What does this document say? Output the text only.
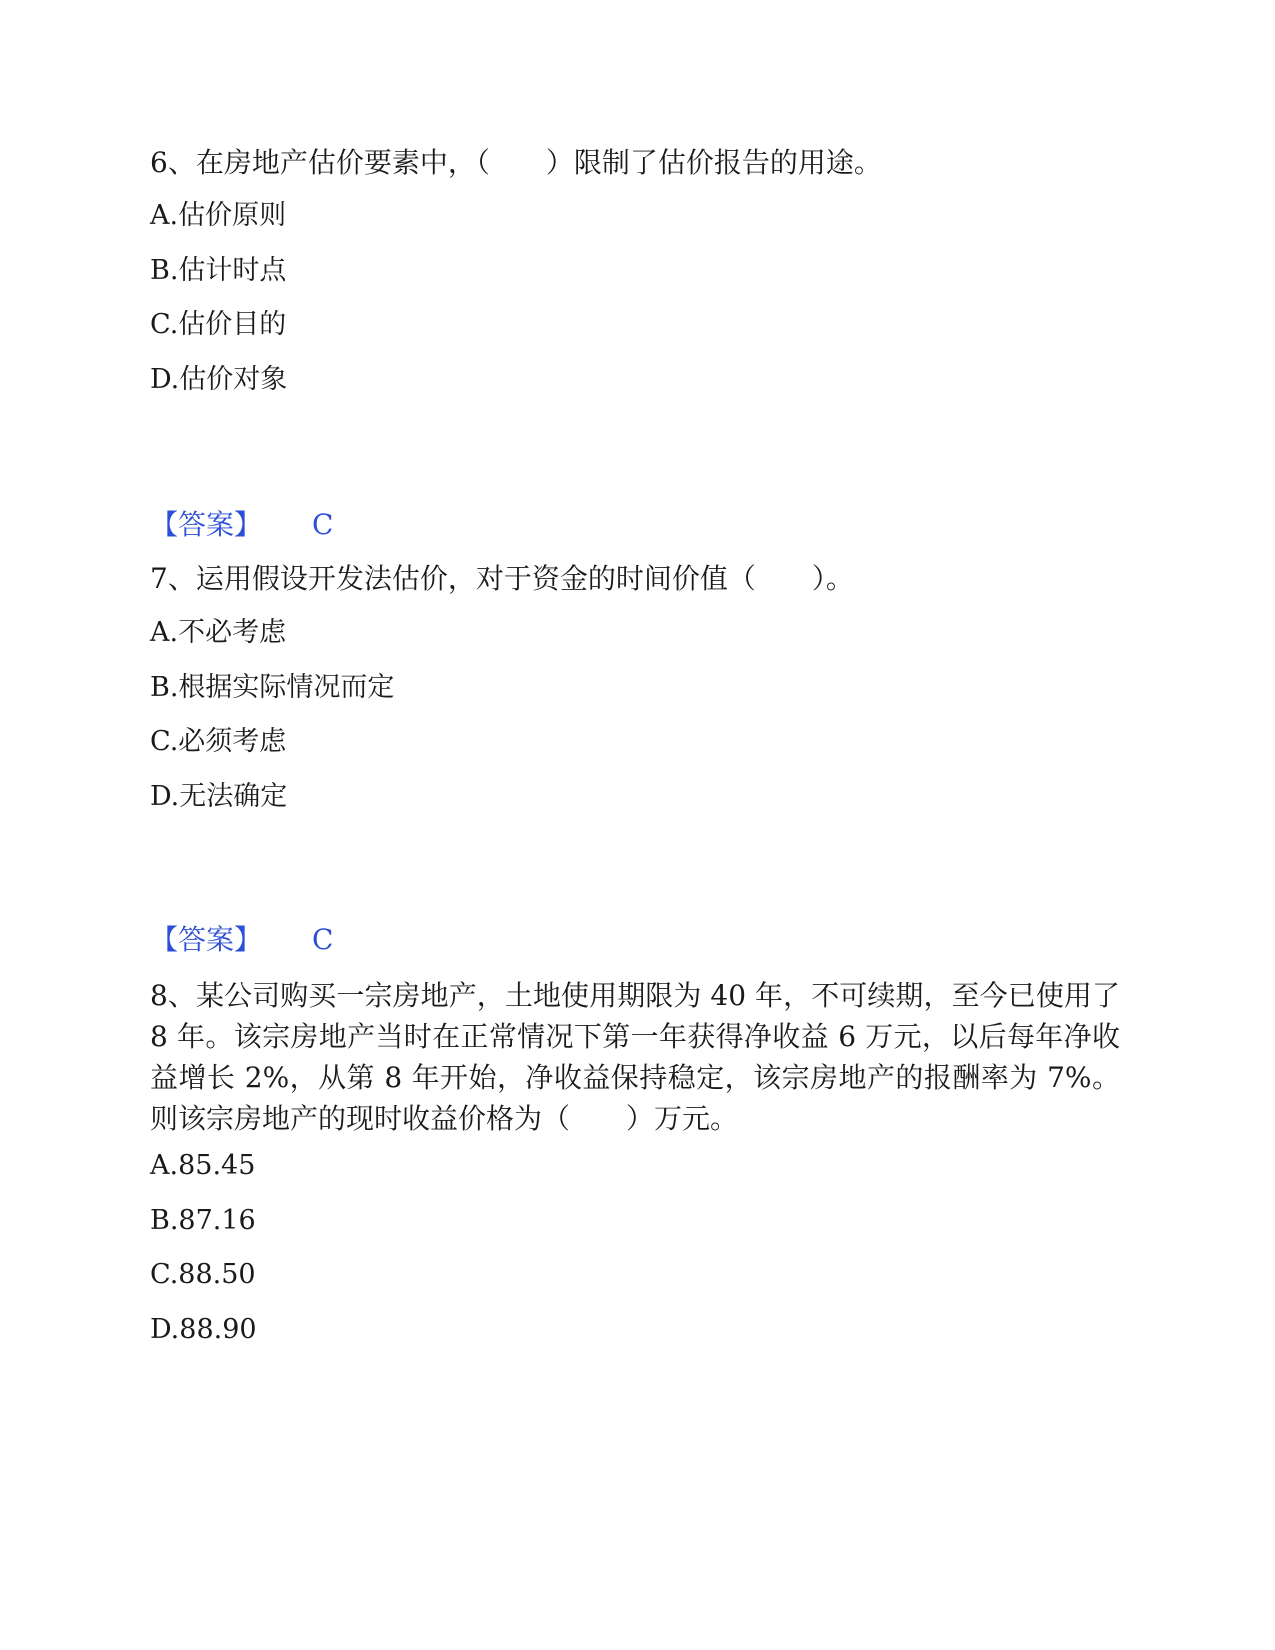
6、在房地产估价要素中，（　　）限制了估价报告的用途。
A.估价原则
B.估计时点
C.估价目的
D.估价对象
【答案】 C
7、运用假设开发法估价，对于资金的时间价值（　　）。
A.不必考虑
B.根据实际情况而定
C.必须考虑
D.无法确定
【答案】 C
8、某公司购买一宗房地产，土地使用期限为 40 年，不可续期，至今已使用了 8 年。该宗房地产当时在正常情况下第一年获得净收益 6 万元，以后每年净收益增长 2%，从第 8 年开始，净收益保持稳定，该宗房地产的报酬率为 7%。则该宗房地产的现时收益价格为（　　）万元。
A.85.45
B.87.16
C.88.50
D.88.90
